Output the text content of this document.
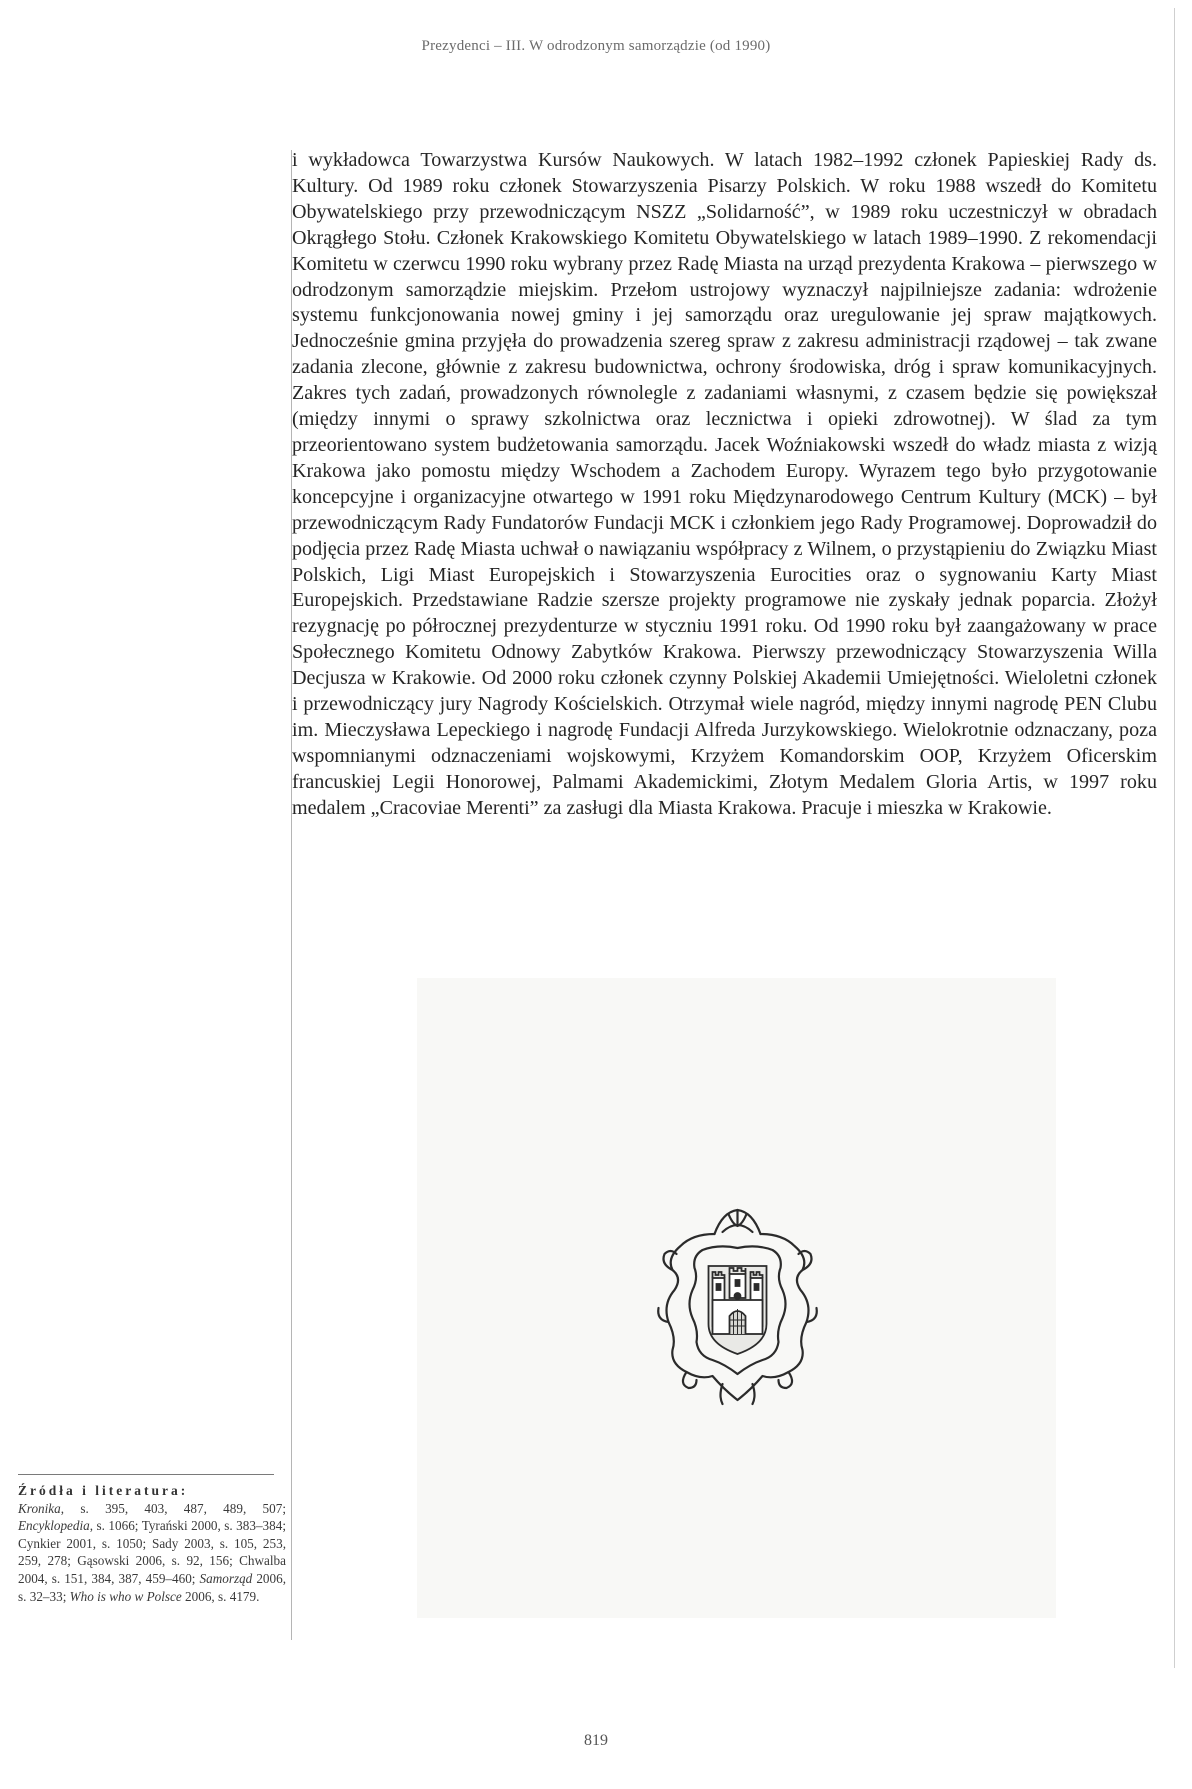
Prezydenci – III. W odrodzonym samorządzie (od 1990)

i wykładowca Towarzystwa Kursów Naukowych. W latach 1982–1992 członek Papieskiej Rady ds. Kultury. Od 1989 roku członek Stowarzyszenia Pisarzy Polskich. W roku 1988 wszedł do Komitetu Obywatelskiego przy przewodniczącym NSZZ „Solidarność”, w 1989 roku uczestniczył w obradach Okrągłego Stołu. Członek Krakowskiego Komitetu Obywatelskiego w latach 1989–1990. Z rekomendacji Komitetu w czerwcu 1990 roku wybrany przez Radę Miasta na urząd prezydenta Krakowa – pierwszego w odrodzonym samorządzie miejskim. Przełom ustrojowy wyznaczył najpilniejsze zadania: wdrożenie systemu funkcjonowania nowej gminy i jej samorządu oraz uregulowanie jej spraw majątkowych. Jednocześnie gmina przyjęła do prowadzenia szereg spraw z zakresu administracji rządowej – tak zwane zadania zlecone, głównie z zakresu budownictwa, ochrony środowiska, dróg i spraw komunikacyjnych. Zakres tych zadań, prowadzonych równolegle z zadaniami własnymi, z czasem będzie się powiększał (między innymi o sprawy szkolnictwa oraz lecznictwa i opieki zdrowotnej). W ślad za tym przeorientowano system budżetowania samorządu. Jacek Woźniakowski wszedł do władz miasta z wizją Krakowa jako pomostu między Wschodem a Zachodem Europy. Wyrazem tego było przygotowanie koncepcyjne i organizacyjne otwartego w 1991 roku Międzynarodowego Centrum Kultury (MCK) – był przewodniczącym Rady Fundatorów Fundacji MCK i członkiem jego Rady Programowej. Doprowadził do podjęcia przez Radę Miasta uchwał o nawiązaniu współpracy z Wilnem, o przystąpieniu do Związku Miast Polskich, Ligi Miast Europejskich i Stowarzyszenia Eurocities oraz o sygnowaniu Karty Miast Europejskich. Przedstawiane Radzie szersze projekty programowe nie zyskały jednak poparcia. Złożył rezygnację po półrocznej prezydenturze w styczniu 1991 roku. Od 1990 roku był zaangażowany w prace Społecznego Komitetu Odnowy Zabytków Krakowa. Pierwszy przewodniczący Stowarzyszenia Willa Decjusza w Krakowie. Od 2000 roku członek czynny Polskiej Akademii Umiejętności. Wieloletni członek i przewodniczący jury Nagrody Kościelskich. Otrzymał wiele nagród, między innymi nagrodę PEN Clubu im. Mieczysława Lepeckiego i nagrodę Fundacji Alfreda Jurzykowskiego. Wielokrotnie odznaczany, poza wspomnianymi odznaczeniami wojskowymi, Krzyżem Komandorskim OOP, Krzyżem Oficerskim francuskiej Legii Honorowej, Palmami Akademickimi, Złotym Medalem Gloria Artis, w 1997 roku medalem „Cracoviae Merenti” za zasługi dla Miasta Krakowa. Pracuje i mieszka w Krakowie.

Źródła i literatura:
Kronika, s. 395, 403, 487, 489, 507; Encyklopedia, s. 1066; Tyrański 2000, s. 383–384; Cynkier 2001, s. 1050; Sady 2003, s. 105, 253, 259, 278; Gąsowski 2006, s. 92, 156; Chwalba 2004, s. 151, 384, 387, 459–460; Samorząd 2006, s. 32–33; Who is who w Polsce 2006, s. 4179.
819
